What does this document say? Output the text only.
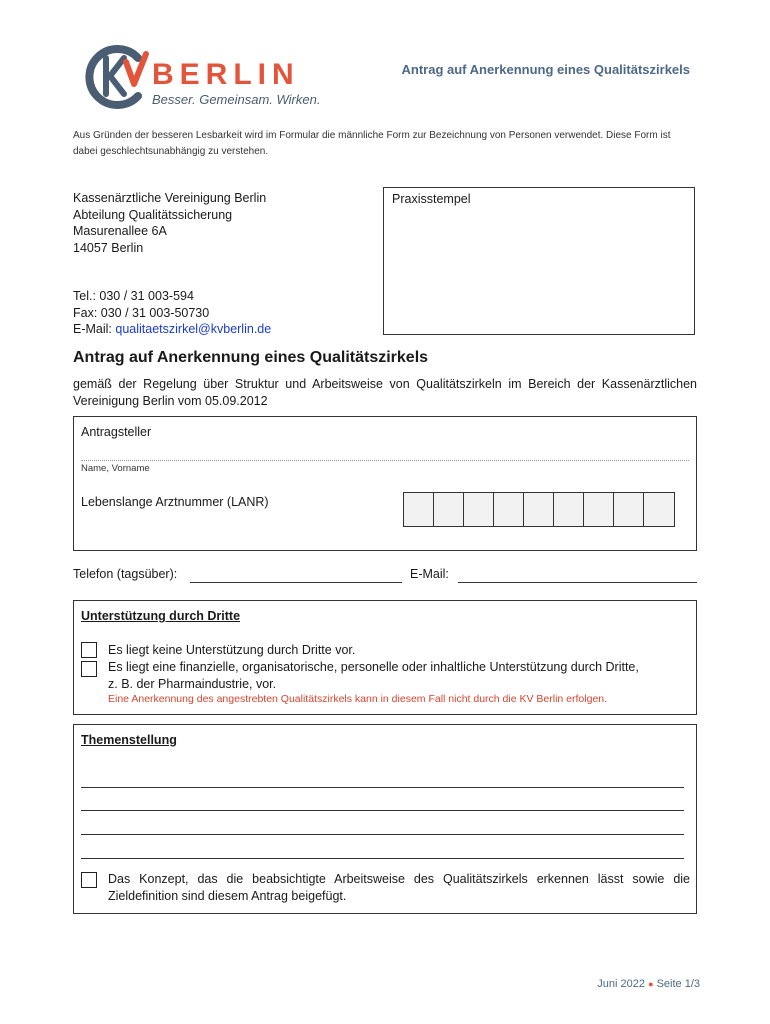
BERLIN
Besser. Gemeinsam. Wirken.
Antrag auf Anerkennung eines Qualitätszirkels
Aus Gründen der besseren Lesbarkeit wird im Formular die männliche Form zur Bezeichnung von Personen verwendet. Diese Form ist dabei geschlechtsunabhängig zu verstehen.
Kassenärztliche Vereinigung Berlin
Abteilung Qualitätssicherung
Masurenallee 6A
14057 Berlin
Tel.: 030 / 31 003-594
Fax: 030 / 31 003-50730
E-Mail: qualitaetszirkel@kvberlin.de
Praxisstempel
Antrag auf Anerkennung eines Qualitätszirkels
gemäß der Regelung über Struktur und Arbeitsweise von Qualitätszirkeln im Bereich der Kassenärztlichen Vereinigung Berlin vom 05.09.2012
Antragsteller
Name, Vorname
Lebenslange Arztnummer (LANR)
Telefon (tagsüber):	E-Mail:
Unterstützung durch Dritte
Es liegt keine Unterstützung durch Dritte vor.
Es liegt eine finanzielle, organisatorische, personelle oder inhaltliche Unterstützung durch Dritte,
z. B. der Pharmaindustrie, vor.
Eine Anerkennung des angestrebten Qualitätszirkels kann in diesem Fall nicht durch die KV Berlin erfolgen.
Themenstellung
Das Konzept, das die beabsichtigte Arbeitsweise des Qualitätszirkels erkennen lässt sowie die Zieldefinition sind diesem Antrag beigefügt.
Juni 2022 ● Seite 1/3
